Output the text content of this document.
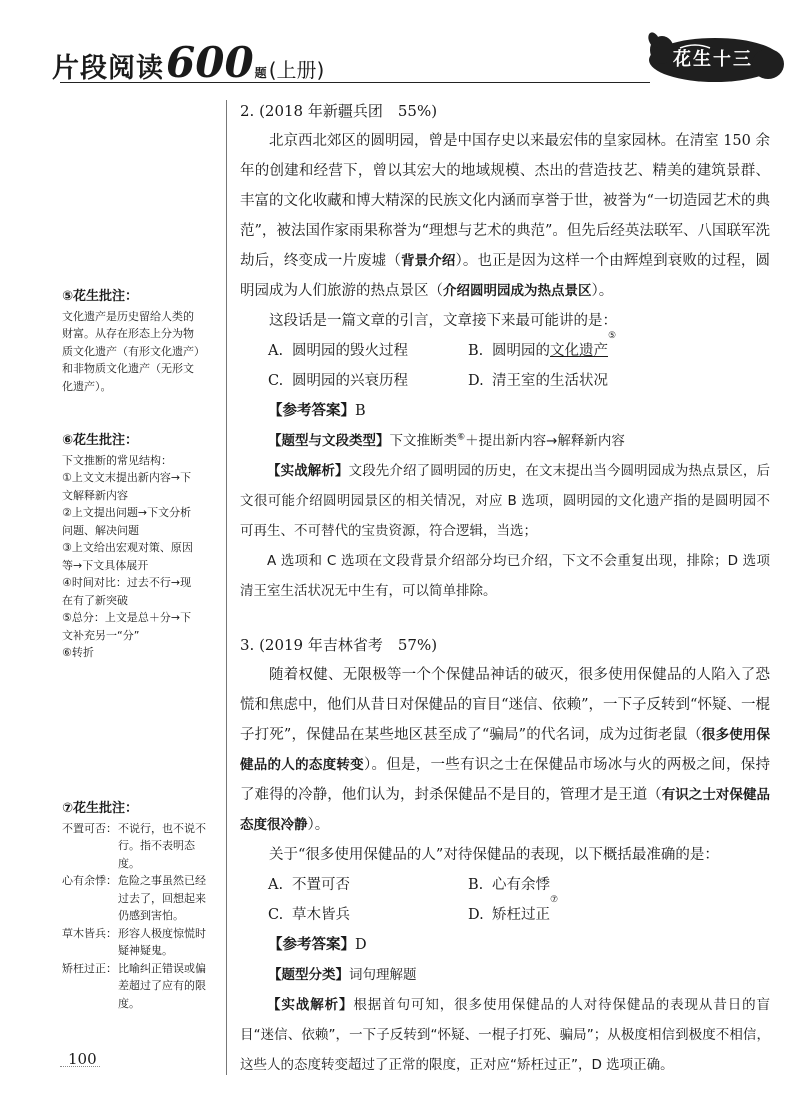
片段阅读 600 题 (上册)	花生十三
⑤花生批注：
文化遗产是历史留给人类的
财富。从存在形态上分为物
质文化遗产（有形文化遗产）
和非物质文化遗产（无形文
化遗产）。
⑥花生批注：
下文推断的常见结构：
①上文文末提出新内容→下
文解释新内容
②上文提出问题→下文分析
问题、解决问题
③上文给出宏观对策、原因
等→下文具体展开
④时间对比：过去不行→现
在有了新突破
⑤总分：上文是总＋分→下
文补充另一“分”
⑥转折
⑦花生批注：
不置可否： 不说行，也不说不行。指不表明态度。
心有余悸： 危险之事虽然已经过去了，回想起来仍感到害怕。
草木皆兵： 形容人极度惊慌时疑神疑鬼。
矫枉过正： 比喻纠正错误或偏差超过了应有的限度。

2. (2018 年新疆兵团　55%)

北京西北郊区的圆明园，曾是中国存史以来最宏伟的皇家园林。在清室 150 余年的创建和经营下，曾以其宏大的地域规模、杰出的营造技艺、精美的建筑景群、丰富的文化收藏和博大精深的民族文化内涵而享誉于世，被誉为“一切造园艺术的典范”，被法国作家雨果称誉为“理想与艺术的典范”。但先后经英法联军、八国联军洗劫后，终变成一片废墟（背景介绍）。也正是因为这样一个由辉煌到衰败的过程，圆明园成为人们旅游的热点景区（介绍圆明园成为热点景区）。

这段话是一篇文章的引言，文章接下来最可能讲的是：

A. 圆明园的毁火过程	B. 圆明园的 文化遗产
⑤
C. 圆明园的兴衰历程	D. 清王室的生活状况

【参考答案】B

【题型与文段类型】下文推断类⑥＋提出新内容→解释新内容

【实战解析】文段先介绍了圆明园的历史，在文末提出当今圆明园成为热点景区，后文很可能介绍圆明园景区的相关情况，对应 B 选项，圆明园的文化遗产指的是圆明园不可再生、不可替代的宝贵资源，符合逻辑，当选；

A 选项和 C 选项在文段背景介绍部分均已介绍，下文不会重复出现，排除；D 选项清王室生活状况无中生有，可以简单排除。

3. (2019 年吉林省考　57%)

随着权健、无限极等一个个保健品神话的破灭，很多使用保健品的人陷入了恐慌和焦虑中，他们从昔日对保健品的盲目“迷信、依赖”，一下子反转到“怀疑、一棍子打死”，保健品在某些地区甚至成了“骗局”的代名词，成为过街老鼠（很多使用保健品的人的态度转变）。但是，一些有识之士在保健品市场冰与火的两极之间，保持了难得的冷静，他们认为，封杀保健品不是目的，管理才是王道（有识之士对保健品态度很冷静）。

关于“很多使用保健品的人”对待保健品的表现，以下概括最准确的是：

A. 不置可否	B. 心有余悸
C. 草木皆兵	D. 矫枉过正
⑦

【参考答案】D

【题型分类】词句理解题

【实战解析】根据首句可知，很多使用保健品的人对待保健品的表现从昔日的盲目“迷信、依赖”，一下子反转到“怀疑、一棍子打死、骗局”；从极度相信到极度不相信，这些人的态度转变超过了正常的限度，正对应“矫枉过正”，D 选项正确。

100
